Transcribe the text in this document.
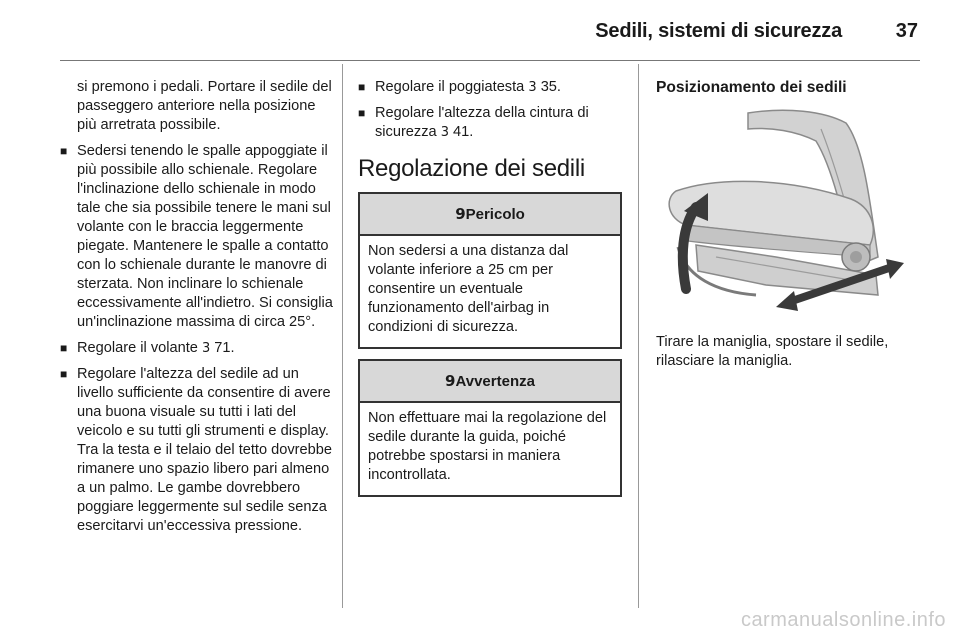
Sedili, sistemi di sicurezza	37

si premono i pedali. Portare il sedile del passeggero anteriore nella posizione più arretrata possibile.

■ Sedersi tenendo le spalle appoggiate il più possibile allo schienale. Regolare l'inclinazione dello schienale in modo tale che sia possibile tenere le mani sul volante con le braccia leggermente piegate. Mantenere le spalle a contatto con lo schienale durante le manovre di sterzata. Non inclinare lo schienale eccessivamente all'indietro. Si consiglia un'inclinazione massima di circa 25°.
■ Regolare il volante 3 71.
■ Regolare l'altezza del sedile ad un livello sufficiente da consentire di avere una buona visuale su tutti i lati del veicolo e su tutti gli strumenti e display. Tra la testa e il telaio del tetto dovrebbe rimanere uno spazio libero pari almeno a un palmo. Le gambe dovrebbero poggiare leggermente sul sedile senza esercitarvi un'eccessiva pressione.
■ Regolare il poggiatesta 3 35.
■ Regolare l'altezza della cintura di sicurezza 3 41.
Regolazione dei sedili
9Pericolo
Non sedersi a una distanza dal volante inferiore a 25 cm per consentire un eventuale funzionamento dell'airbag in condizioni di sicurezza.
9Avvertenza
Non effettuare mai la regolazione del sedile durante la guida, poiché potrebbe spostarsi in maniera incontrollata.
Posizionamento dei sedili
Tirare la maniglia, spostare il sedile, rilasciare la maniglia.
carmanualsonline.info
